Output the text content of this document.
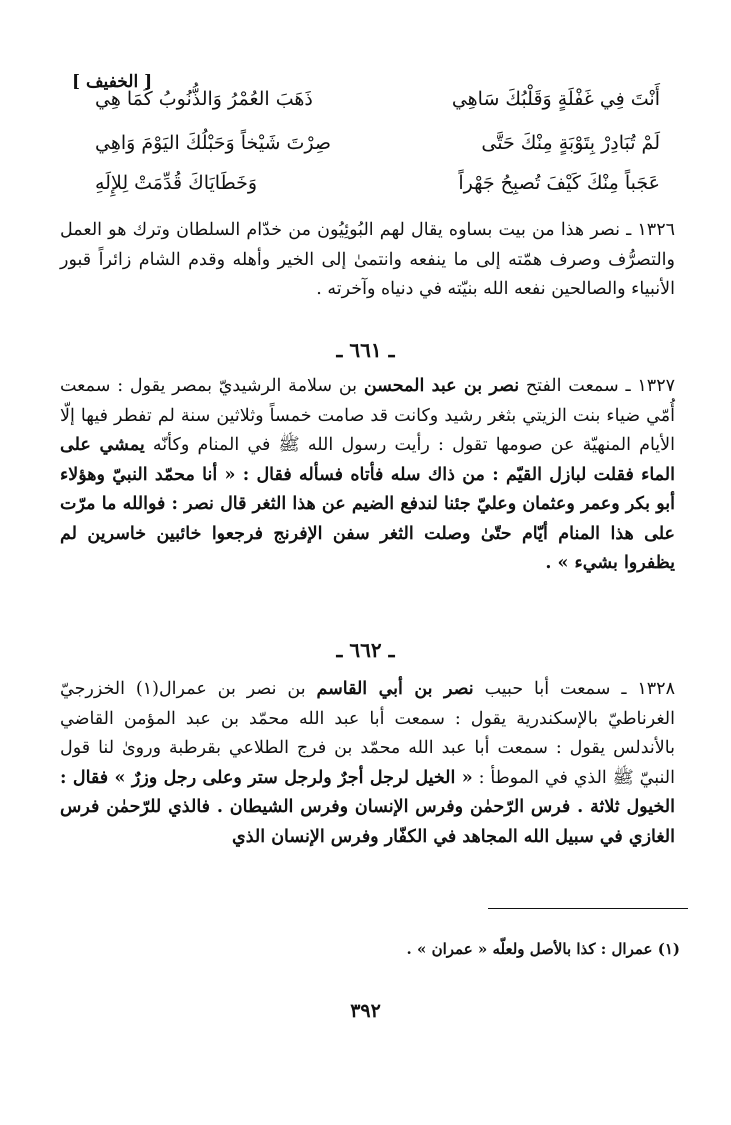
[ الخفيف ]
أَنْتَ فِي غَفْلَةٍ وَقَلْبُكَ سَاهِي
ذَهَبَ العُمْرُ وَالذُّنُوبُ كَمَا هِي
لَمْ تُبَادِرْ بِتَوْبَةٍ مِنْكَ حَتَّى
صِرْتَ شَيْخاً وَحَبْلُكَ اليَوْمَ وَاهِي
عَجَباً مِنْكَ كَيْفَ تُصبِحُ جَهْراً
وَخَطَايَاكَ قُدِّمَتْ لِلإِلَهِ
١٣٢٦ ـ نصر هذا من بيت بساوه يقال لهم البُوئِيُون من خدّام السلطان وترك هو العمل والتصرُّف وصرف همّته إلى ما ينفعه وانتمىٰ إلى الخير وأهله وقدم الشام زائراً قبور الأنبياء والصالحين نفعه الله بنيّته في دنياه وآخرته .
ـ ٦٦١ ـ
١٣٢٧ ـ سمعت الفتح نصر بن عبد المحسن بن سلامة الرشيديّ بمصر يقول : سمعت أُمّي ضياء بنت الزيتي بثغر رشيد وكانت قد صامت خمساً وثلاثين سنة لم تفطر فيها إلّا الأيام المنهيّة عن صومها تقول : رأيت رسول الله ﷺ في المنام وكأنّه يمشي على الماء فقلت لبازل القيّم : من ذاك سله فأتاه فسأله فقال : « أنا محمّد النبيّ وهؤلاء أبو بكر وعمر وعثمان وعليّ جئنا لندفع الضيم عن هذا الثغر قال نصر : فوالله ما مرّت على هذا المنام أيّام حتّىٰ وصلت الثغر سفن الإفرنج فرجعوا خائبين خاسرين لم يظفروا بشيء » .
ـ ٦٦٢ ـ
١٣٢٨ ـ سمعت أبا حبيب نصر بن أبي القاسم بن نصر بن عمرال(١) الخزرجيّ الغرناطيّ بالإسكندرية يقول : سمعت أبا عبد الله محمّد بن عبد المؤمن القاضي بالأندلس يقول : سمعت أبا عبد الله محمّد بن فرج الطلاعي بقرطبة وروىٰ لنا قول النبيّ ﷺ الذي في الموطأ : « الخيل لرجل أجرٌ ولرجل ستر وعلى رجل وزرٌ » فقال : الخيول ثلاثة . فرس الرّحمٰن وفرس الإنسان وفرس الشيطان . فالذي للرّحمٰن فرس الغازي في سبيل الله المجاهد في الكفّار وفرس الإنسان الذي
(١) عمرال : كذا بالأصل ولعلّه « عمران » .
٣٩٢
